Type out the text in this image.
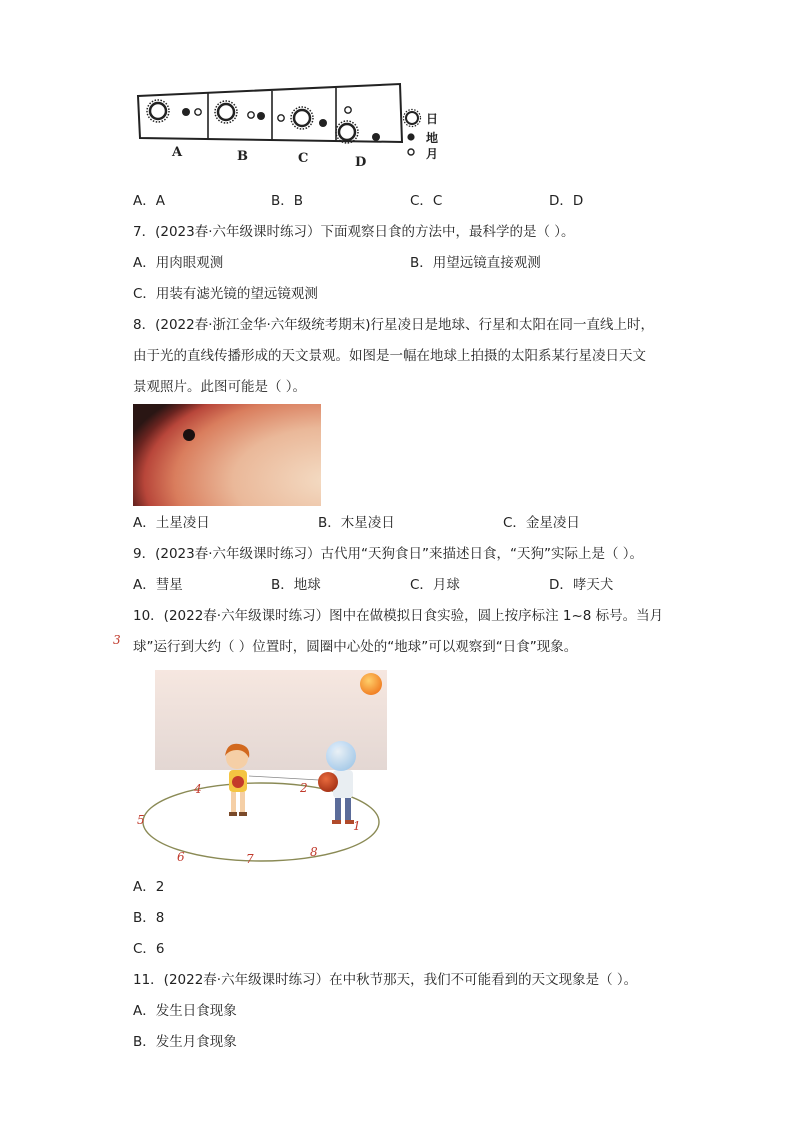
A	B	C	D
日
地
月
A．A	B．B	C．C	D．D
7．(2023春·六年级课时练习）下面观察日食的方法中，最科学的是（ ）。
A．用肉眼观测	B．用望远镜直接观测
C．用装有滤光镜的望远镜观测
8．(2022春·浙江金华·六年级统考期末)行星凌日是地球、行星和太阳在同一直线上时，
由于光的直线传播形成的天文景观。如图是一幅在地球上拍摄的太阳系某行星凌日天文
景观照片。此图可能是（ ）。
A．土星凌日	B．木星凌日	C．金星凌日
9．(2023春·六年级课时练习）古代用“天狗食日”来描述日食，“天狗”实际上是（ ）。
A．彗星	B．地球	C．月球	D．哮天犬
10．(2022春·六年级课时练习）图中在做模拟日食实验，圆上按序标注 1~8 标号。当月
球”运行到大约（ ）位置时，圆圈中心处的“地球”可以观察到“日食”现象。
1
2
3
4
5
6	7	8
A．2
B．8
C．6
11．(2022春·六年级课时练习）在中秋节那天，我们不可能看到的天文现象是（ ）。
A．发生日食现象
B．发生月食现象
